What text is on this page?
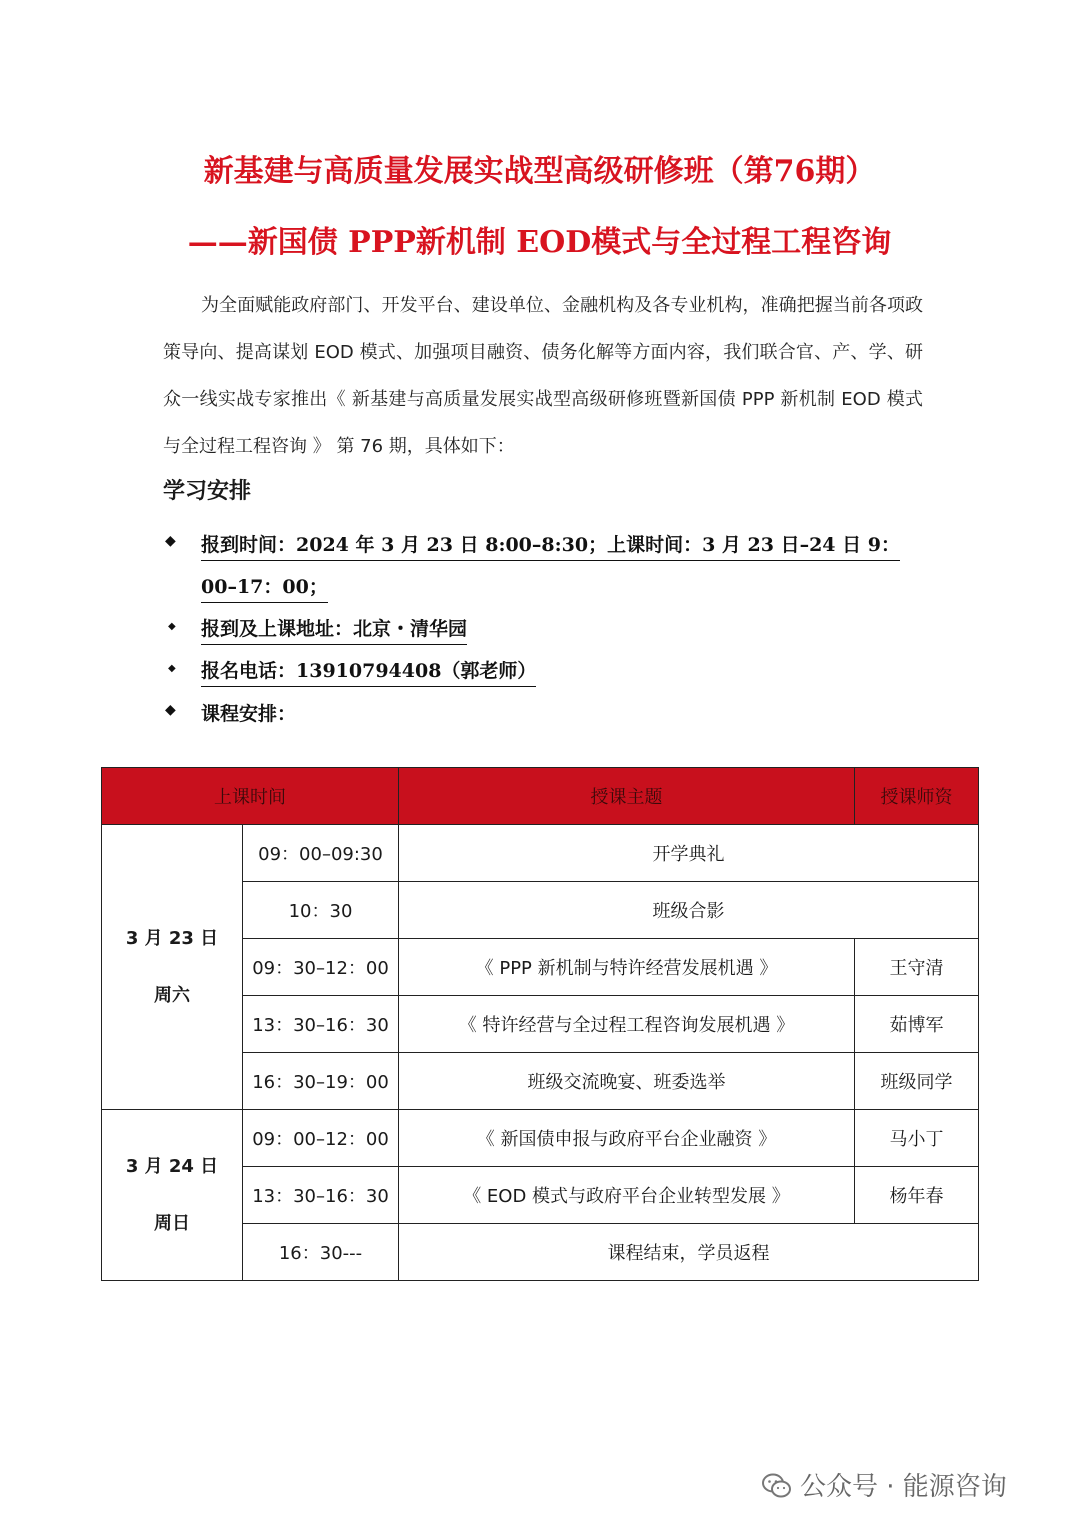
新基建与高质量发展实战型高级研修班（第76期）
——新国债 PPP新机制 EOD模式与全过程工程咨询

为全面赋能政府部门、开发平台、建设单位、金融机构及各专业机构，准确把握当前各项政策导向、提高谋划 EOD 模式、加强项目融资、债务化解等方面内容，我们联合官、产、学、研众一线实战专家推出《 新基建与高质量发展实战型高级研修班暨新国债 PPP 新机制 EOD 模式与全过程工程咨询 》 第 76 期，具体如下：

学习安排
◆ 报到时间：2024 年 3 月 23 日 8:00–8:30；上课时间：3 月 23 日–24 日 9：
00–17：00；
◆ 报到及上课地址：北京・清华园
◆ 报名电话：13910794408（郭老师）
◆ 课程安排：
上课时间		授课主题	授课师资

3 月 23 日
周六	09：00–09:30	开学典礼	
	10：30	班级合影	
	09：30–12：00	《 PPP 新机制与特许经营发展机遇 》	王守清
	13：30–16：30	《 特许经营与全过程工程咨询发展机遇 》	茹博军
	16：30–19：00	班级交流晚宴、班委选举	班级同学

3 月 24 日
周日	09：00–12：00	《 新国债申报与政府平台企业融资 》	马小丁
	13：30–16：30	《 EOD 模式与政府平台企业转型发展 》	杨年春
	16：30---	课程结束，学员返程	
公众号 · 能源咨询
